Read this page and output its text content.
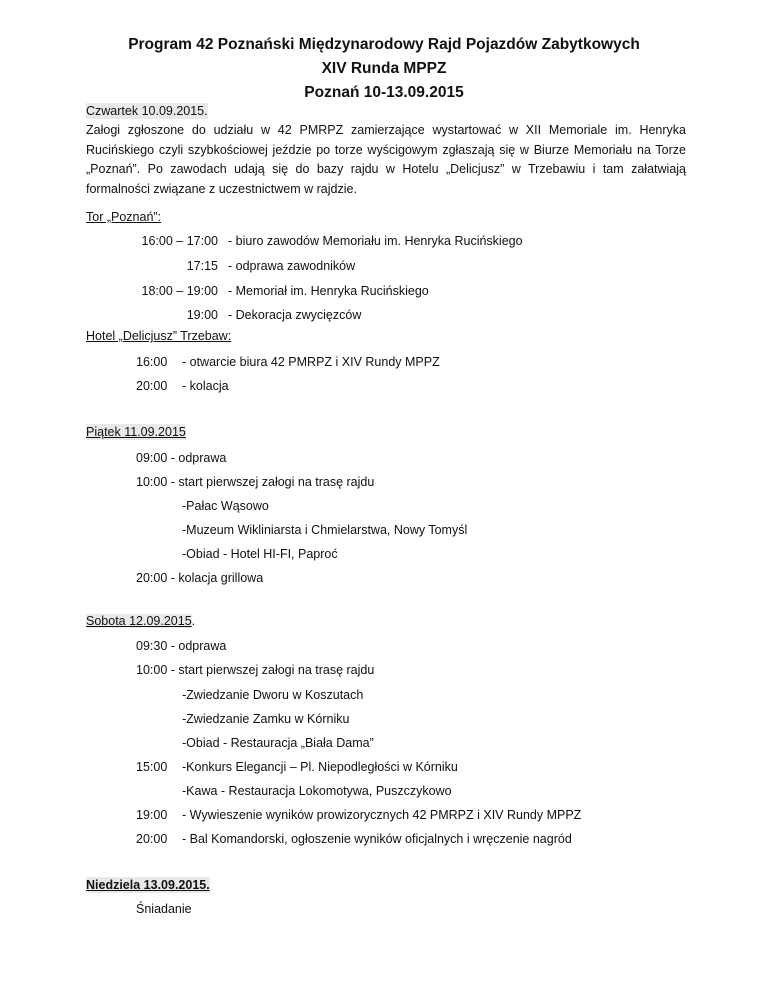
Program 42 Poznański Międzynarodowy Rajd Pojazdów Zabytkowych
XIV Runda MPPZ
Poznań 10-13.09.2015
Czwartek 10.09.2015.
Załogi zgłoszone do udziału w 42 PMRPZ zamierzające wystartować w XII Memoriale im. Henryka Rucińskiego czyli szybkościowej jeździe po torze wyścigowym zgłaszają się w Biurze Memoriału na Torze „Poznań”. Po zawodach udają się do bazy rajdu w Hotelu „Delicjusz” w Trzebawiu i tam załatwiają formalności związane z uczestnictwem w rajdzie.
Tor „Poznań”:
16:00 – 17:00 - biuro zawodów Memoriału im. Henryka Rucińskiego
17:15 - odprawa zawodników
18:00 – 19:00 - Memoriał im. Henryka Rucińskiego
19:00 - Dekoracja zwycięzców
Hotel „Delicjusz” Trzebaw:
16:00 - otwarcie biura 42 PMRPZ i XIV Rundy MPPZ
20:00 - kolacja
Piątek 11.09.2015
09:00 - odprawa
10:00 - start pierwszej załogi na trasę rajdu
-Pałac Wąsowo
-Muzeum Wikliniarsta i Chmielarstwa, Nowy Tomyśl
-Obiad - Hotel HI-FI, Paproć
20:00 - kolacja grillowa
Sobota 12.09.2015.
09:30 - odprawa
10:00 - start pierwszej załogi na trasę rajdu
-Zwiedzanie Dworu w Koszutach
-Zwiedzanie Zamku w Kórniku
-Obiad - Restauracja „Biała Dama”
15:00 -Konkurs Elegancji – Pl. Niepodległości w Kórniku
-Kawa - Restauracja Lokomotywa, Puszczykowo
19:00 - Wywieszenie wyników prowizorycznych 42 PMRPZ i XIV Rundy MPPZ
20:00 - Bal Komandorski, ogłoszenie wyników oficjalnych i wręczenie nagród
Niedziela 13.09.2015.
Śniadanie
